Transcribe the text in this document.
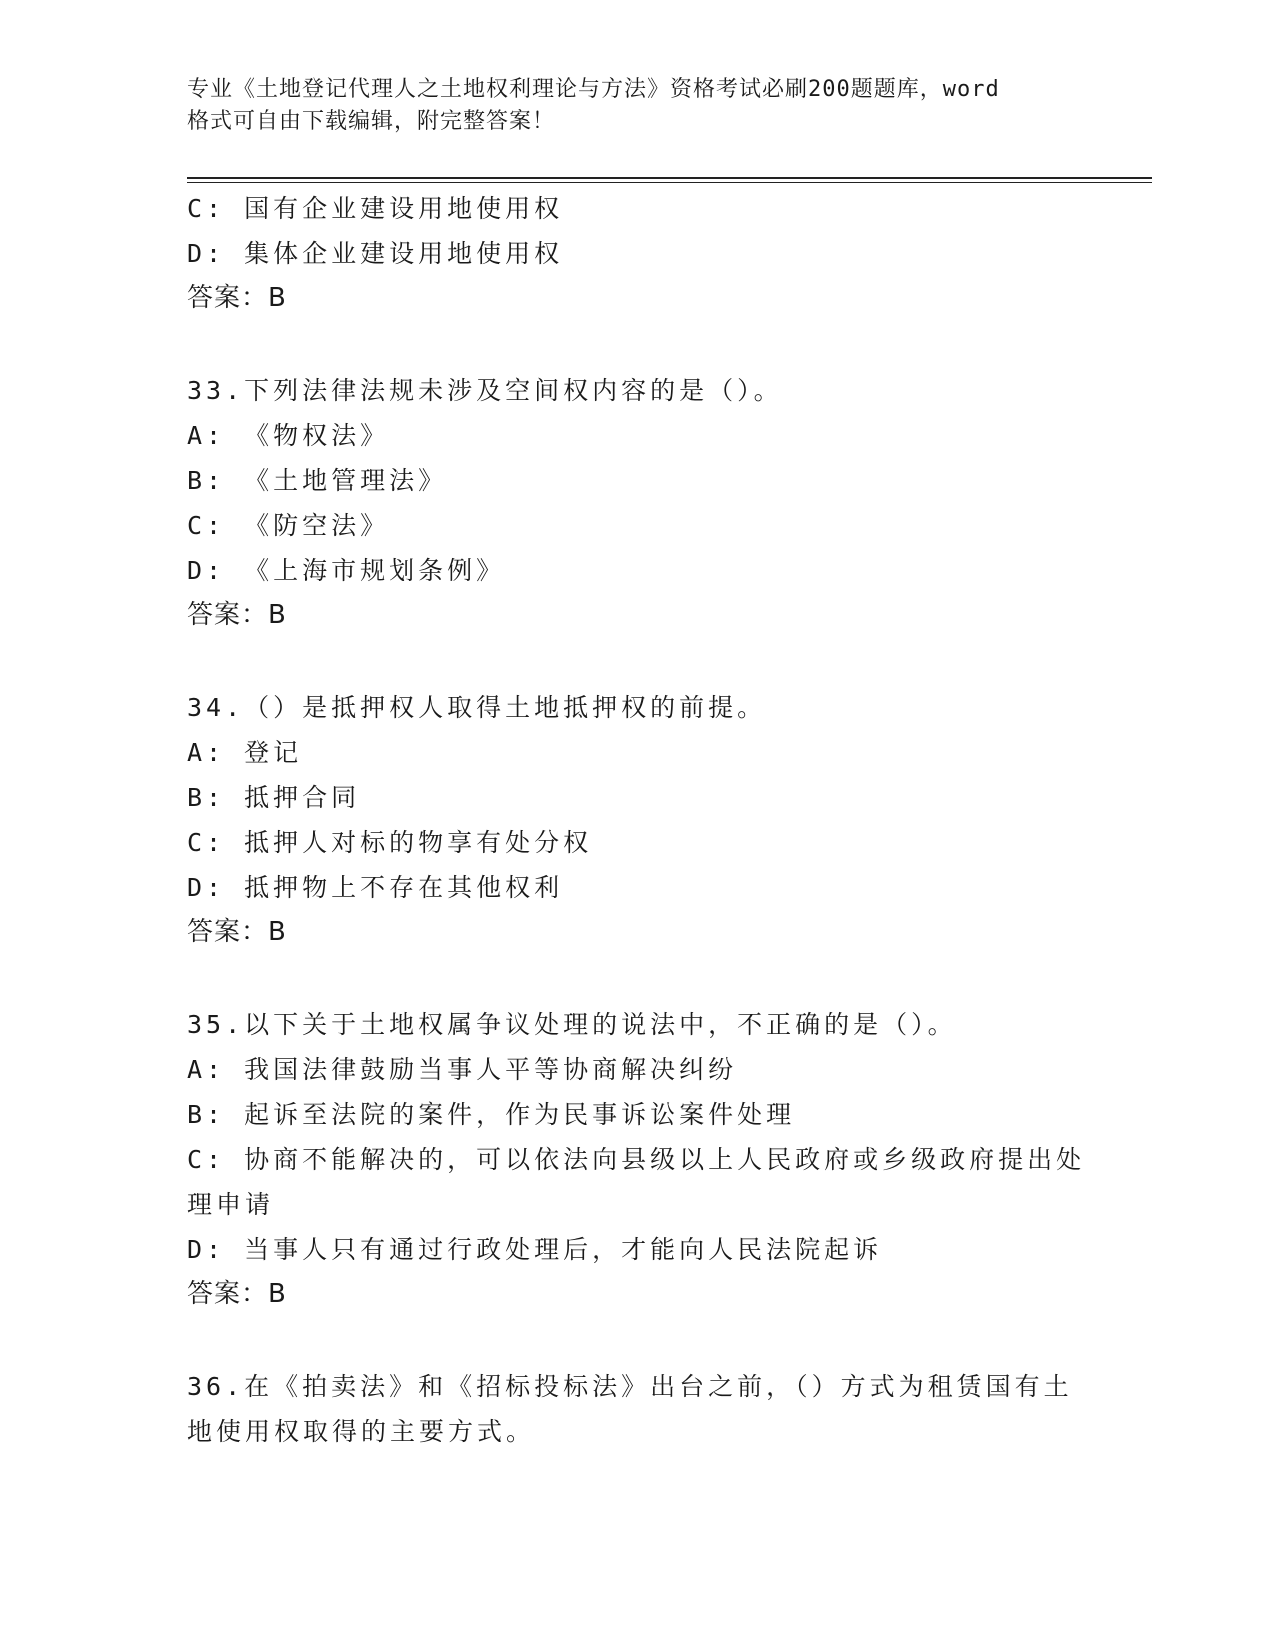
专业《土地登记代理人之土地权利理论与方法》资格考试必刷200题题库，word
格式可自由下载编辑，附完整答案！
C: 国有企业建设用地使用权
D: 集体企业建设用地使用权
答案：B
33.下列法律法规未涉及空间权内容的是（）。
A: 《物权法》
B: 《土地管理法》
C: 《防空法》
D: 《上海市规划条例》
答案：B
34.（）是抵押权人取得土地抵押权的前提。
A: 登记
B: 抵押合同
C: 抵押人对标的物享有处分权
D: 抵押物上不存在其他权利
答案：B
35.以下关于土地权属争议处理的说法中，不正确的是（）。
A: 我国法律鼓励当事人平等协商解决纠纷
B: 起诉至法院的案件，作为民事诉讼案件处理
C: 协商不能解决的，可以依法向县级以上人民政府或乡级政府提出处理申请
D: 当事人只有通过行政处理后，才能向人民法院起诉
答案：B
36.在《拍卖法》和《招标投标法》出台之前，（）方式为租赁国有土地使用权取得的主要方式。
